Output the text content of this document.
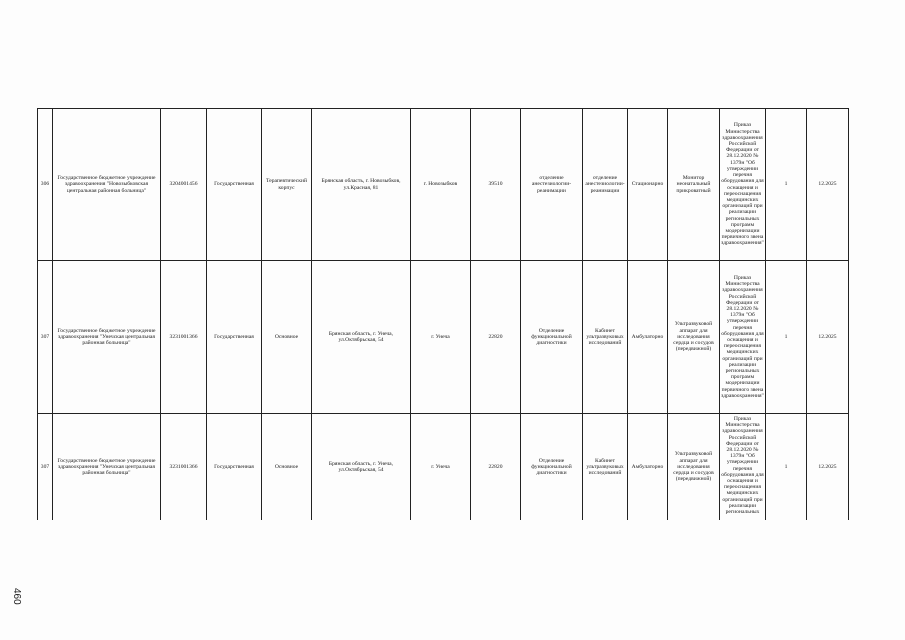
306	Государственное бюджетное учреждение здравоохранения "Новозыбковская центральная районная больница"	3204001456	Государственная	Терапевтический корпус	Брянская область, г. Новозыбков, ул.Красная, 81	г. Новозыбков	39510	отделение анестезиологии-реанимации	отделение анестезиологии-реанимации	Стационарно	Монитор неонатальный прикроватный	Приказ Министерства здравоохранения Российской Федерации от 28.12.2020 № 1379н "Об утверждении перечня оборудования для оснащения и переоснащения медицинских организаций при реализации региональных программ модернизации первичного звена здравоохранения"	1	12.2025
307	Государственное бюджетное учреждение здравоохранения "Унечская центральная районная больница"	3231001366	Государственная	Основное	Брянская область, г. Унеча, ул.Октябрьская, 54	г. Унеча	22820	Отделение функциональной диагностики	Кабинет ультразвуковых исследований	Амбулаторно	Ультразвуковой аппарат для исследования сердца и сосудов (передвижной)	Приказ Министерства здравоохранения Российской Федерации от 28.12.2020 № 1379н "Об утверждении перечня оборудования для оснащения и переоснащения медицинских организаций при реализации региональных программ модернизации первичного звена здравоохранения"	1	12.2025
307	Государственное бюджетное учреждение здравоохранения "Унечская центральная районная больница"	3231001366	Государственная	Основное	Брянская область, г. Унеча, ул.Октябрьская, 54	г. Унеча	22820	Отделение функциональной диагностики	Кабинет ультразвуковых исследований	Амбулаторно	Ультразвуковой аппарат для исследования сердца и сосудов (передвижной)	Приказ Министерства здравоохранения Российской Федерации от 28.12.2020 № 1379н "Об утверждении перечня оборудования для оснащения и переоснащения медицинских организаций при реализации региональных	1	12.2025
460
